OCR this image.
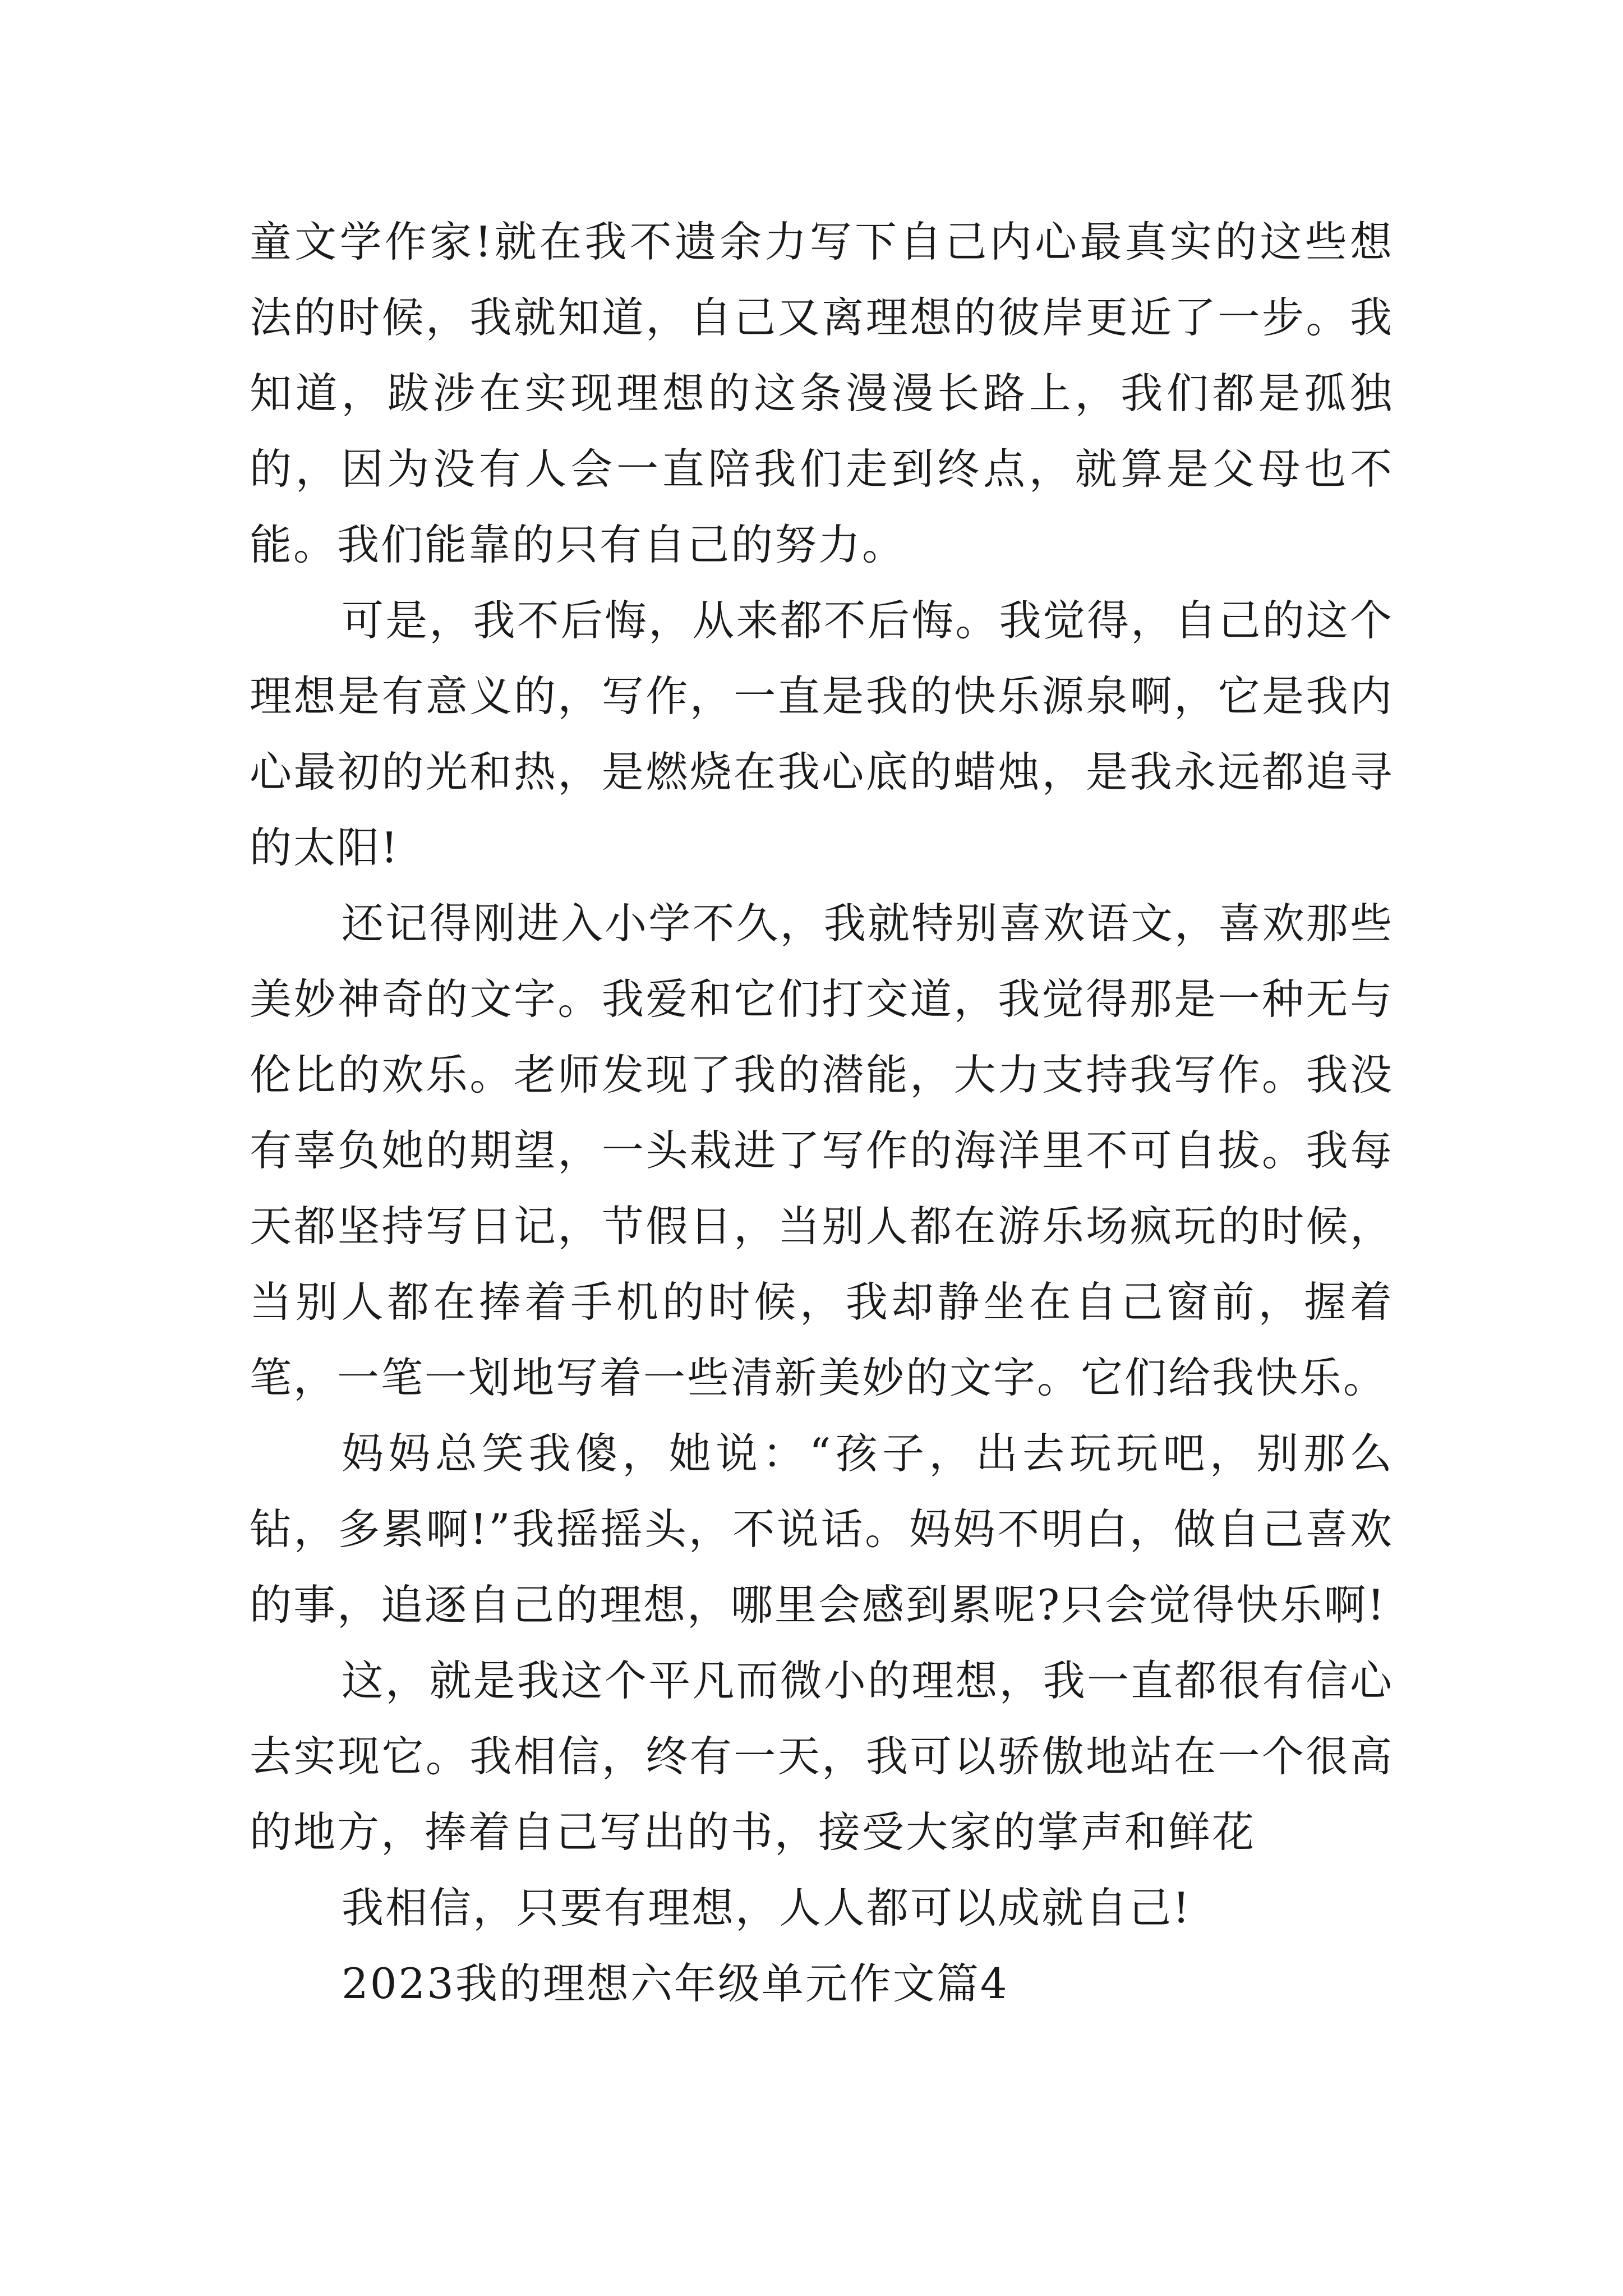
童文学作家!就在我不遗余力写下自己内心最真实的这些想法的时候，我就知道，自己又离理想的彼岸更近了一步。我知道，跋涉在实现理想的这条漫漫长路上，我们都是孤独的，因为没有人会一直陪我们走到终点，就算是父母也不能。我们能靠的只有自己的努力。

可是，我不后悔，从来都不后悔。我觉得，自己的这个理想是有意义的，写作，一直是我的快乐源泉啊，它是我内心最初的光和热，是燃烧在我心底的蜡烛，是我永远都追寻的太阳!

还记得刚进入小学不久，我就特别喜欢语文，喜欢那些美妙神奇的文字。我爱和它们打交道，我觉得那是一种无与伦比的欢乐。老师发现了我的潜能，大力支持我写作。我没有辜负她的期望，一头栽进了写作的海洋里不可自拔。我每天都坚持写日记，节假日，当别人都在游乐场疯玩的时候，当别人都在捧着手机的时候，我却静坐在自己窗前，握着笔，一笔一划地写着一些清新美妙的文字。它们给我快乐。

妈妈总笑我傻，她说：“孩子，出去玩玩吧，别那么钻，多累啊!”我摇摇头，不说话。妈妈不明白，做自己喜欢的事，追逐自己的理想，哪里会感到累呢?只会觉得快乐啊!

这，就是我这个平凡而微小的理想，我一直都很有信心去实现它。我相信，终有一天，我可以骄傲地站在一个很高的地方，捧着自己写出的书，接受大家的掌声和鲜花

我相信，只要有理想，人人都可以成就自己!

2023我的理想六年级单元作文篇4
